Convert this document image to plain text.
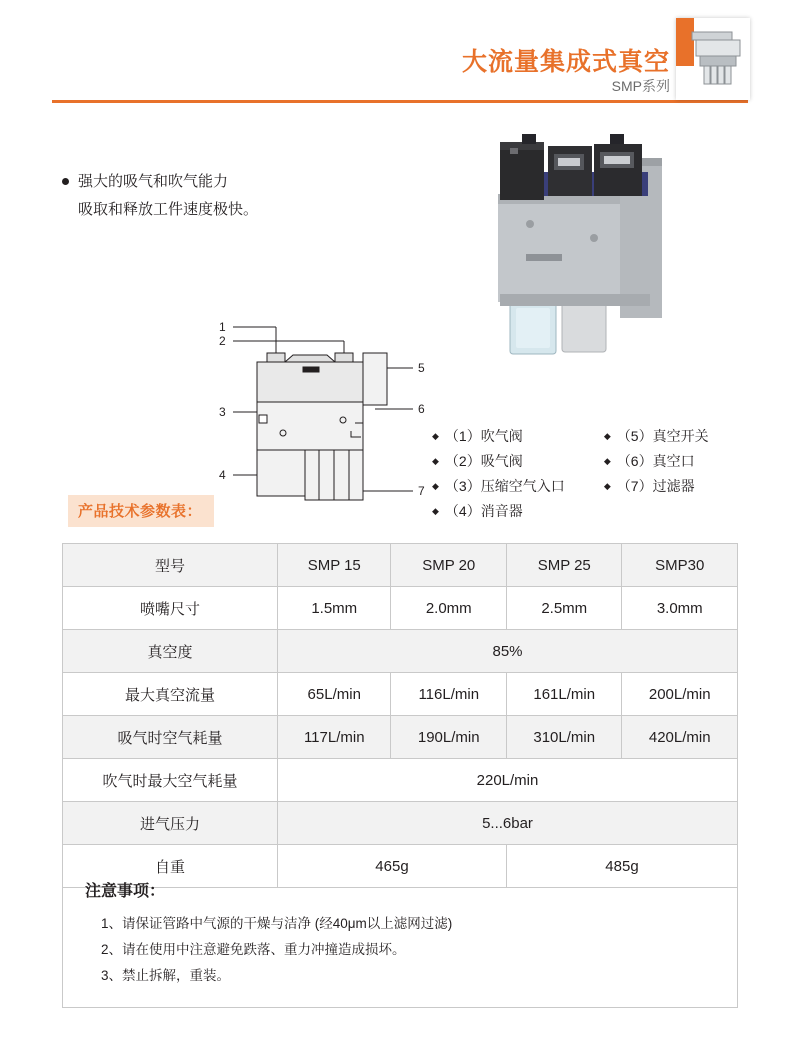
大流量集成式真空
SMP系列
强大的吸气和吹气能力
吸取和释放工件速度极快。
1
2
3
4
5
6
7
◆ （1）吹气阀
◆ （2）吸气阀
◆ （3）压缩空气入口
◆ （4）消音器

◆ （5）真空开关
◆ （6）真空口
◆ （7）过滤器
产品技术参数表：
型号	SMP 15	SMP 20	SMP 25	SMP30
喷嘴尺寸	1.5mm	2.0mm	2.5mm	3.0mm
真空度	85%			
最大真空流量	65L/min	116L/min	161L/min	200L/min
吸气时空气耗量	117L/min	190L/min	310L/min	420L/min
吹气时最大空气耗量	220L/min			
进气压力	5...6bar			
自重	465g		485g	
注意事项：
1、请保证管路中气源的干燥与洁净 (经40μm以上滤网过滤)
2、请在使用中注意避免跌落、重力冲撞造成损坏。
3、禁止拆解，重装。
